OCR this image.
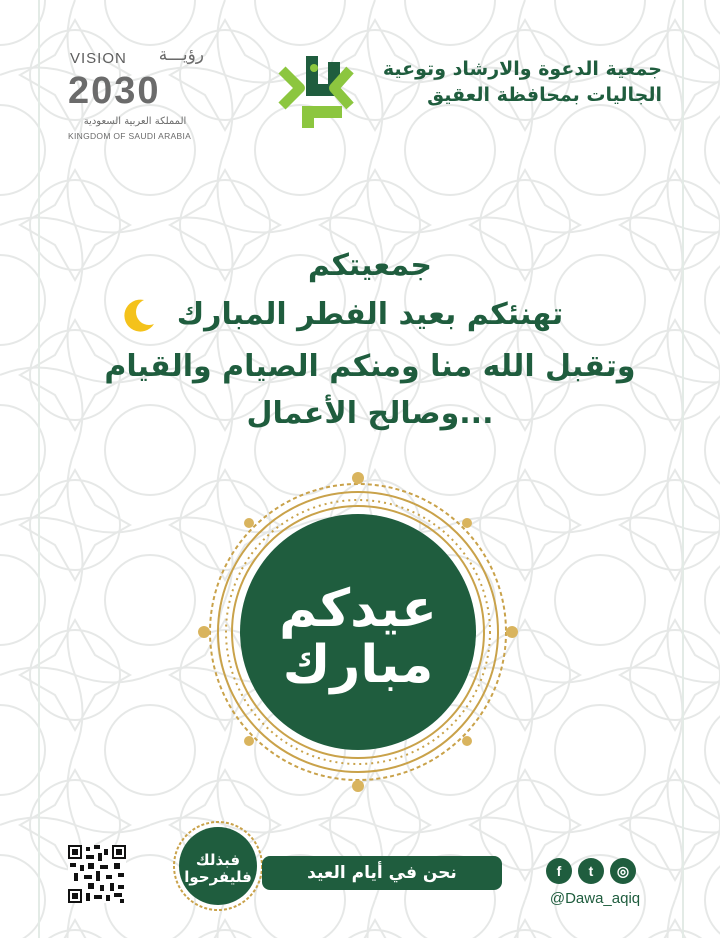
VISION رؤيـــة
2030
المملكة العربية السعودية
KINGDOM OF SAUDI ARABIA
جمعية الدعوة والارشاد وتوعية
الجاليات بمحافظة العقيق
جمعيتكم
تهنئكم بعيد الفطر المبارك
وتقبل الله منا ومنكم الصيام والقيام
وصالح الأعمال...
عيدكم
مبارك
فبذلك
فليفرحوا	نحن في أيام العيد	f	t	◎
@Dawa_aqiq
